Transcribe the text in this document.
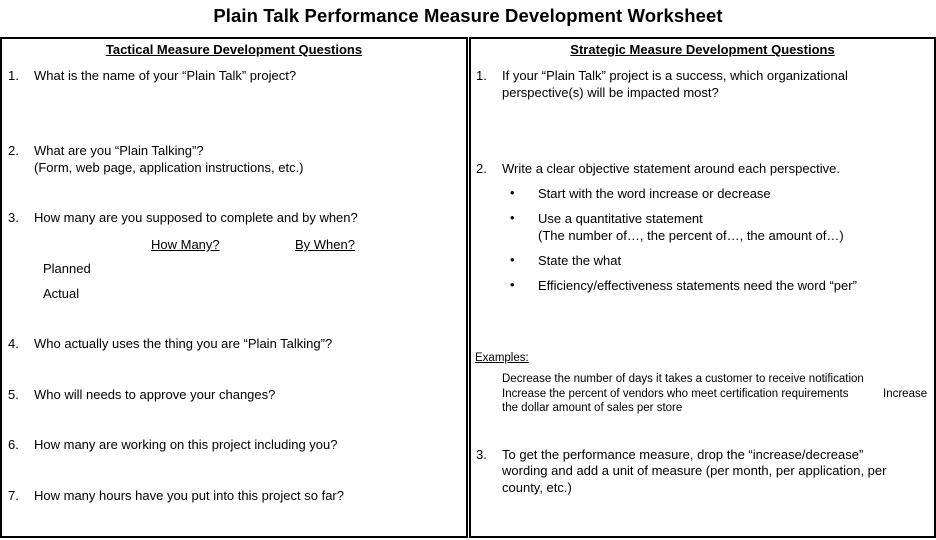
Plain Talk Performance Measure Development Worksheet
Tactical Measure Development Questions
1. What is the name of your “Plain Talk” project?
2. What are you “Plain Talking”?
(Form, web page, application instructions, etc.)
3. How many are you supposed to complete and by when?
How Many?	By When?
Planned
Actual
4. Who actually uses the thing you are “Plain Talking”?
5. Who will needs to approve your changes?
6. How many are working on this project including you?
7. How many hours have you put into this project so far?
Strategic Measure Development Questions
1. If your “Plain Talk” project is a success, which organizational
perspective(s) will be impacted most?
2. Write a clear objective statement around each perspective.
• Start with the word increase or decrease
• Use a quantitative statement
(The number of…, the percent of…, the amount of…)
• State the what
• Efficiency/effectiveness statements need the word “per”
Examples:
Decrease the number of days it takes a customer to receive notification
Increase the percent of vendors who meet certification requirements	Increase
the dollar amount of sales per store
3. To get the performance measure, drop the “increase/decrease”
wording and add a unit of measure (per month, per application, per
county, etc.)
